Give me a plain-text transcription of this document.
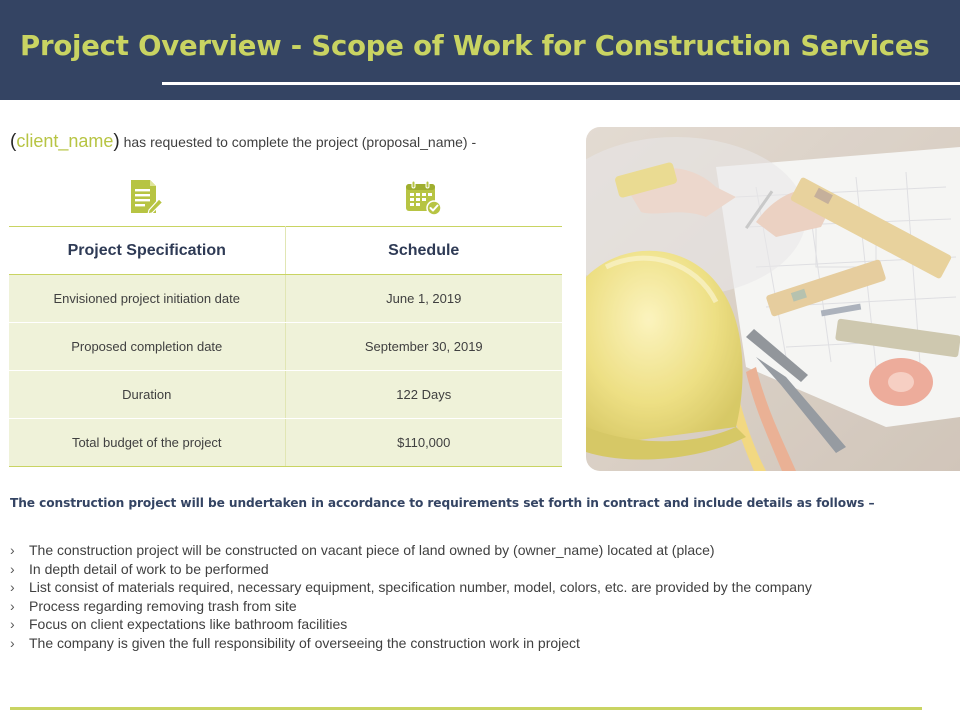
Project Overview - Scope of Work for Construction Services

(client_name) has requested to complete the project (proposal_name) -

Project Specification	Schedule
Envisioned project initiation date	June 1, 2019
Proposed completion date	September 30, 2019
Duration	122 Days
Total budget of the project	$110,000

The construction project will be undertaken in accordance to requirements set forth in contract and include details as follows –

› The construction project will be constructed on vacant piece of land owned by (owner_name) located at (place)
› In depth detail of work to be performed
› List consist of materials required, necessary equipment, specification number, model, colors, etc. are provided by the company
› Process regarding removing trash from site
› Focus on client expectations like bathroom facilities
› The company is given the full responsibility of overseeing the construction work in project
